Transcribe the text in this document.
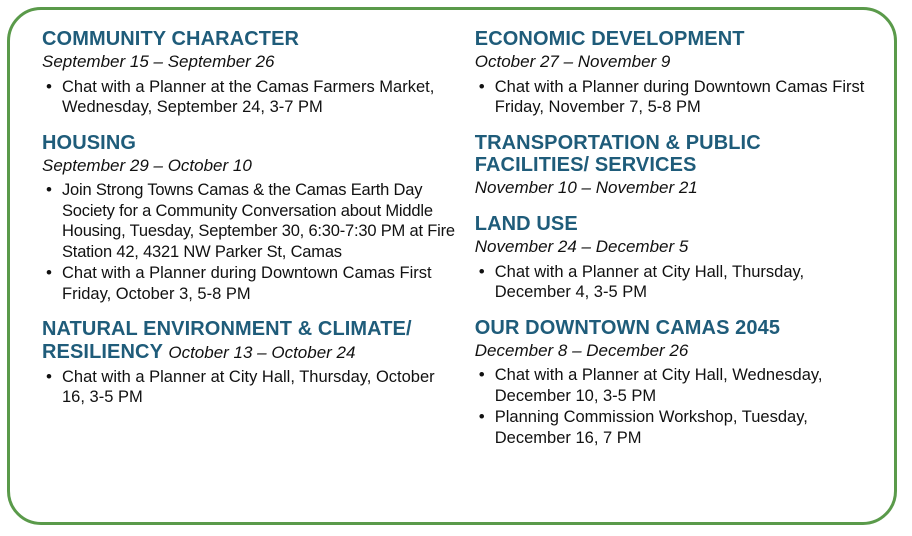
COMMUNITY CHARACTER
September 15 – September 26
• Chat with a Planner at the Camas Farmers Market, Wednesday, September 24, 3-7 PM
HOUSING
September 29 – October 10
• Join Strong Towns Camas & the Camas Earth Day Society for a Community Conversation about Middle Housing, Tuesday, September 30, 6:30-7:30 PM at Fire Station 42, 4321 NW Parker St, Camas
• Chat with a Planner during Downtown Camas First Friday, October 3, 5-8 PM
NATURAL ENVIRONMENT & CLIMATE/ RESILIENCY October 13 – October 24
• Chat with a Planner at City Hall, Thursday, October 16, 3-5 PM
ECONOMIC DEVELOPMENT
October 27 – November 9
• Chat with a Planner during Downtown Camas First Friday, November 7, 5-8 PM
TRANSPORTATION & PUBLIC FACILITIES/ SERVICES
November 10 – November 21
LAND USE
November 24 – December 5
• Chat with a Planner at City Hall, Thursday, December 4, 3-5 PM
OUR DOWNTOWN CAMAS 2045
December 8 – December 26
• Chat with a Planner at City Hall, Wednesday, December 10, 3-5 PM
• Planning Commission Workshop, Tuesday, December 16, 7 PM
